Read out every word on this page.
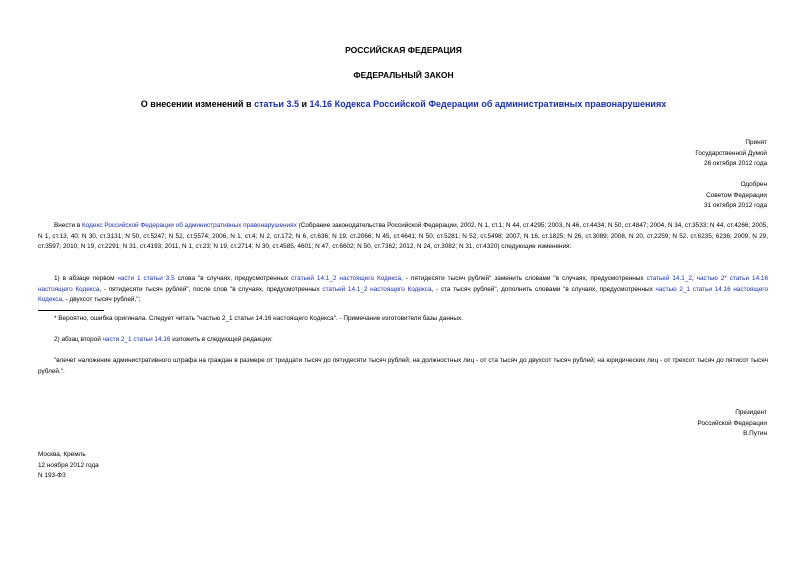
РОССИЙСКАЯ ФЕДЕРАЦИЯ
ФЕДЕРАЛЬНЫЙ ЗАКОН
О внесении изменений в статьи 3.5 и 14.16 Кодекса Российской Федерации об административных правонарушениях
Принят
Государственной Думой
26 октября 2012 года
Одобрен
Советом Федерации
31 октября 2012 года

Внести в Кодекс Российской Федерации об административных правонарушениях (Собрание законодательства Российской Федерации, 2002, N 1, ст.1; N 44, ст.4295; 2003, N 46, ст.4434; N 50, ст.4847; 2004, N 34, ст.3533; N 44, ст.4266; 2005, N 1, ст.13, 40; N 30, ст.3131; N 50, ст.5247; N 52, ст.5574; 2006, N 1, ст.4; N 2, ст.172; N 6, ст.636; N 19, ст.2066; N 45, ст.4641; N 50, ст.5281; N 52, ст.5498; 2007, N 16, ст.1825; N 26, ст.3089; 2008, N 20, ст.2259; N 52, ст.6235, 6236; 2009, N 29, ст.3597; 2010, N 19, ст.2291; N 31, ст.4193; 2011, N 1, ст.23; N 19, ст.2714; N 30, ст.4585, 4601; N 47, ст.6602; N 50, ст.7362; 2012, N 24, ст.3082; N 31, ст.4320) следующие изменения:

1) в абзаце первом части 1 статьи 3.5 слова "в случаях, предусмотренных статьей 14.1_2 настоящего Кодекса, - пятидесяти тысяч рублей" заменить словами "в случаях, предусмотренных статьей 14.1_2, частью 2* статьи 14.16 настоящего Кодекса, - пятидесяти тысяч рублей", после слов "в случаях, предусмотренных статьей 14.1_2 настоящего Кодекса, - ста тысяч рублей", дополнить словами "в случаях, предусмотренных частью 2_1 статьи 14.16 настоящего Кодекса, - двухсот тысяч рублей,";

* Вероятно, ошибка оригинала. Следует читать "частью 2_1 статьи 14.16 настоящего Кодекса". - Примечание изготовителя базы данных.

2) абзац второй части 2_1 статьи 14.16 изложить в следующей редакции:

"влечет наложение административного штрафа на граждан в размере от тридцати тысяч до пятидесяти тысяч рублей; на должностных лиц - от ста тысяч до двухсот тысяч рублей; на юридических лиц - от трехсот тысяч до пятисот тысяч рублей.".

Президент
Российской Федерации
В.Путин
Москва, Кремль
12 ноября 2012 года
N 193-ФЗ
